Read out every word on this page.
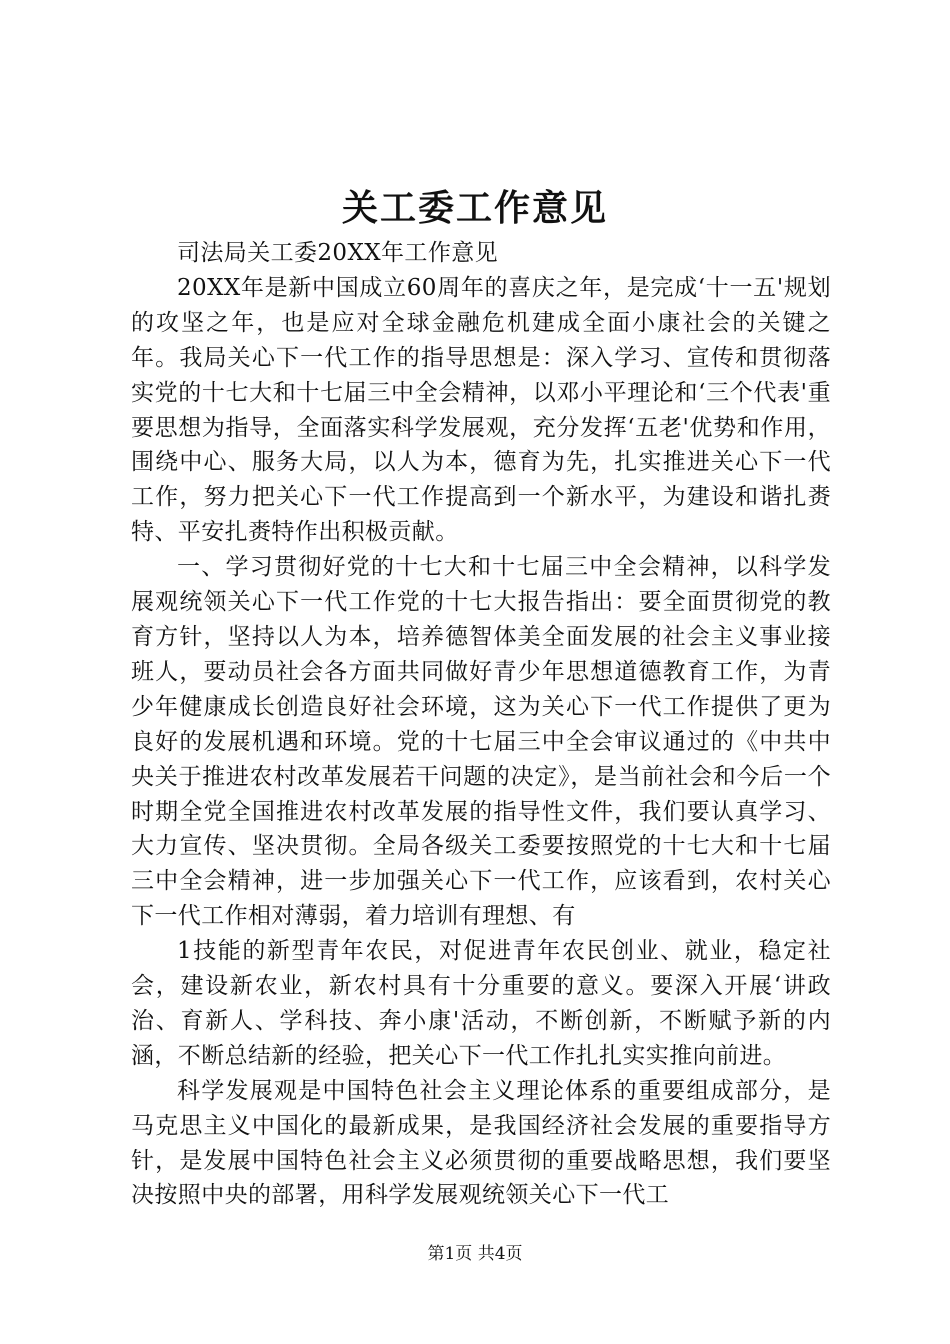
关工委工作意见

司法局关工委20XX年工作意见

20XX年是新中国成立60周年的喜庆之年，是完成‘十一五'规划的攻坚之年，也是应对全球金融危机建成全面小康社会的关键之年。我局关心下一代工作的指导思想是：深入学习、宣传和贯彻落实党的十七大和十七届三中全会精神，以邓小平理论和‘三个代表'重要思想为指导，全面落实科学发展观，充分发挥‘五老'优势和作用，围绕中心、服务大局，以人为本，德育为先，扎实推进关心下一代工作，努力把关心下一代工作提高到一个新水平，为建设和谐扎赉特、平安扎赉特作出积极贡献。

一、学习贯彻好党的十七大和十七届三中全会精神，以科学发展观统领关心下一代工作党的十七大报告指出：要全面贯彻党的教育方针，坚持以人为本，培养德智体美全面发展的社会主义事业接班人，要动员社会各方面共同做好青少年思想道德教育工作，为青少年健康成长创造良好社会环境，这为关心下一代工作提供了更为良好的发展机遇和环境。党的十七届三中全会审议通过的《中共中央关于推进农村改革发展若干问题的决定》，是当前社会和今后一个时期全党全国推进农村改革发展的指导性文件，我们要认真学习、大力宣传、坚决贯彻。全局各级关工委要按照党的十七大和十七届三中全会精神，进一步加强关心下一代工作，应该看到，农村关心下一代工作相对薄弱，着力培训有理想、有

1技能的新型青年农民，对促进青年农民创业、就业，稳定社会，建设新农业，新农村具有十分重要的意义。要深入开展‘讲政治、育新人、学科技、奔小康'活动，不断创新，不断赋予新的内涵，不断总结新的经验，把关心下一代工作扎扎实实推向前进。

科学发展观是中国特色社会主义理论体系的重要组成部分，是马克思主义中国化的最新成果，是我国经济社会发展的重要指导方针，是发展中国特色社会主义必须贯彻的重要战略思想，我们要坚决按照中央的部署，用科学发展观统领关心下一代工

第1页 共4页
